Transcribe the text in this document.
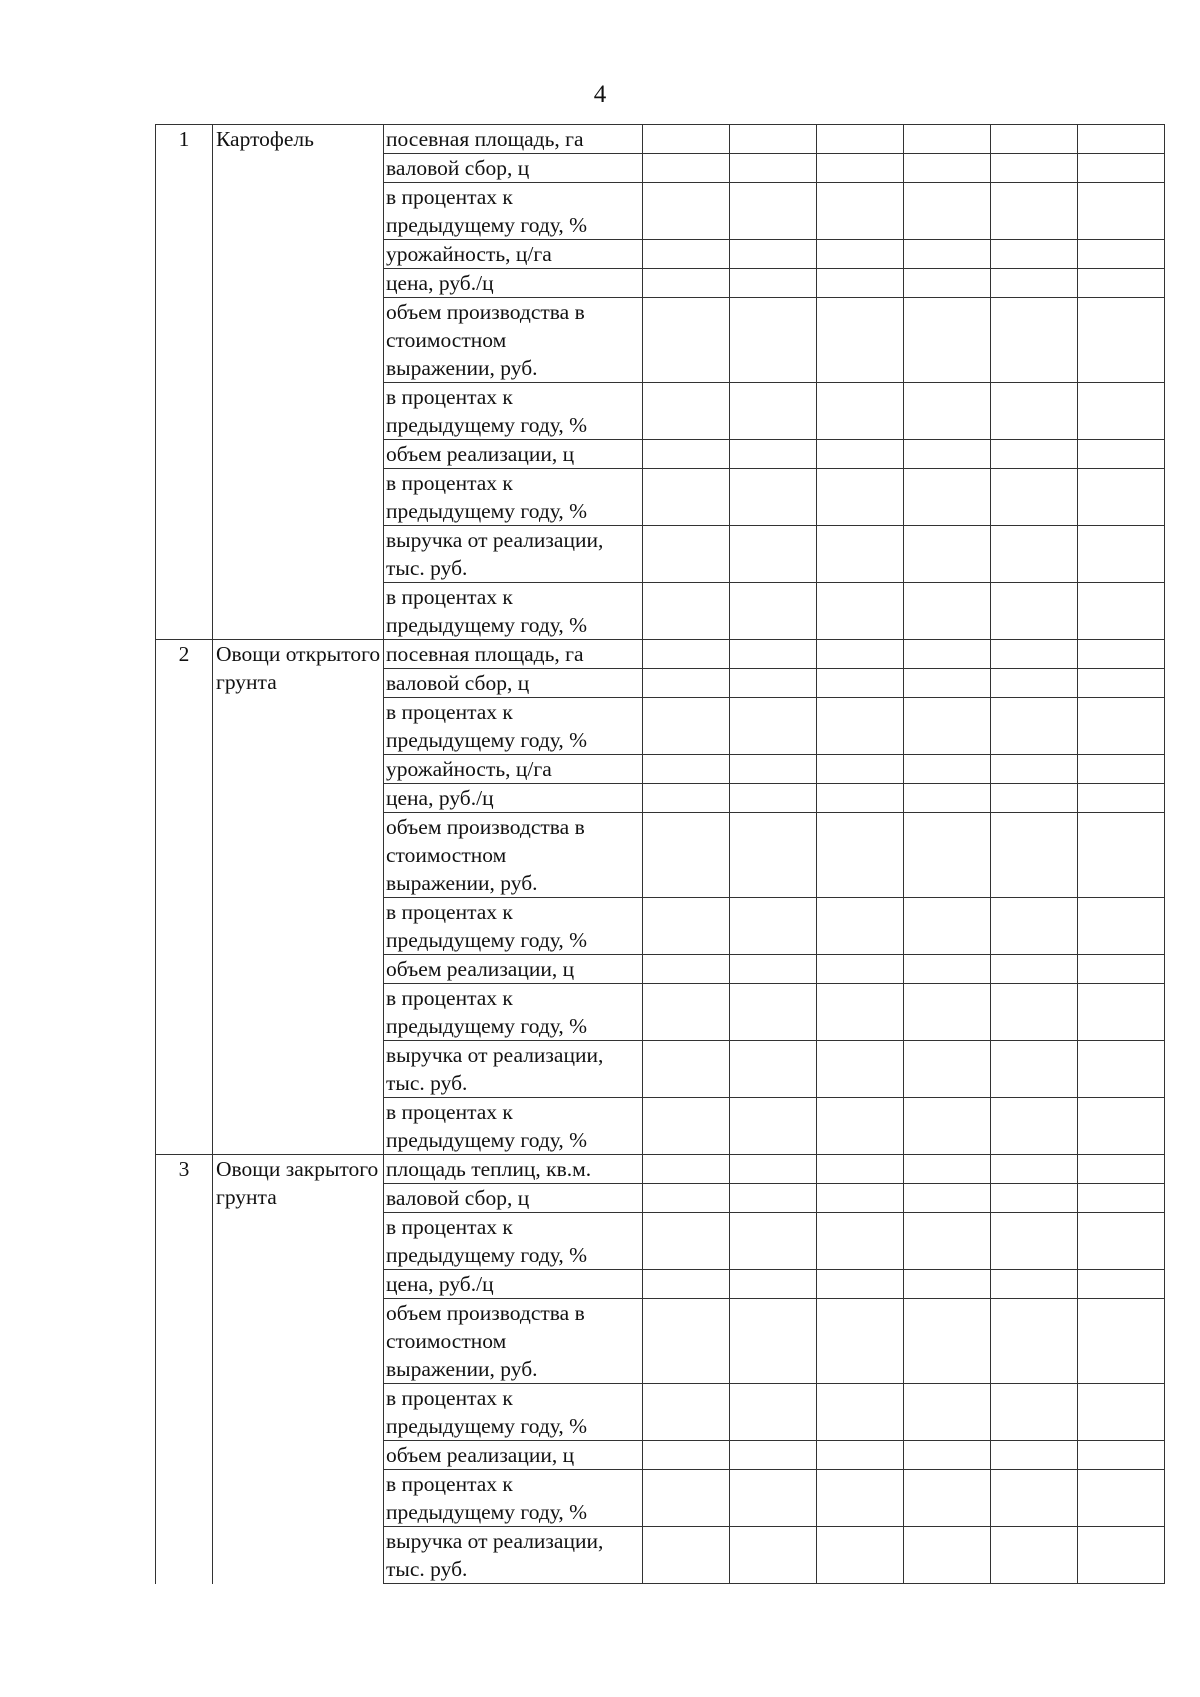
4
1	Картофель	посевная площадь, га						

		валовой сбор, ц						

		в процентах к
предыдущему году, %						

		урожайность, ц/га						

		цена, руб./ц						

		объем производства в
стоимостном
выражении, руб.						

		в процентах к
предыдущему году, %						

		объем реализации, ц						

		в процентах к
предыдущему году, %						

		выручка от реализации,
тыс. руб.						

		в процентах к
предыдущему году, %						

2	Овощи открытого грунта	посевная площадь, га						

		валовой сбор, ц						

		в процентах к
предыдущему году, %						

		урожайность, ц/га						

		цена, руб./ц						

		объем производства в
стоимостном
выражении, руб.						

		в процентах к
предыдущему году, %						

		объем реализации, ц						

		в процентах к
предыдущему году, %						

		выручка от реализации,
тыс. руб.						

		в процентах к
предыдущему году, %						

3	Овощи закрытого грунта	площадь теплиц, кв.м.						

		валовой сбор, ц						

		в процентах к
предыдущему году, %						

		цена, руб./ц						

		объем производства в
стоимостном
выражении, руб.						

		в процентах к
предыдущему году, %						

		объем реализации, ц						

		в процентах к
предыдущему году, %						

		выручка от реализации,
тыс. руб.						
